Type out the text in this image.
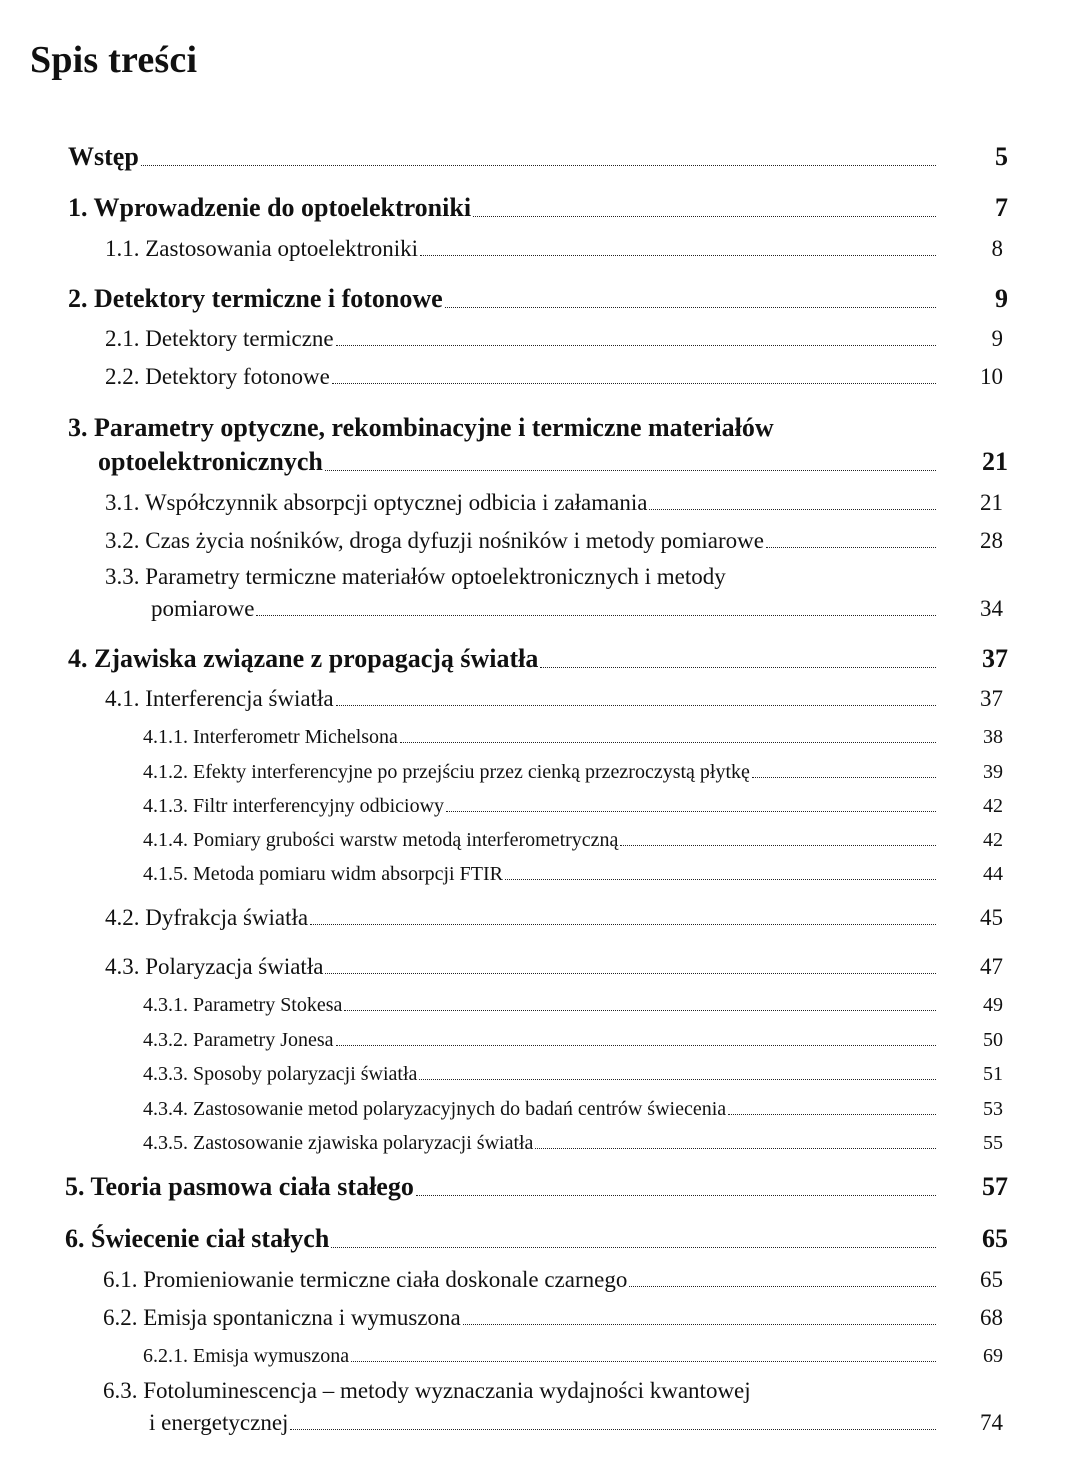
Spis treści
Wstęp	5
1. Wprowadzenie do optoelektroniki	7
1.1. Zastosowania optoelektroniki	8
2. Detektory termiczne i fotonowe	9
2.1. Detektory termiczne	9
2.2. Detektory fotonowe	10
3. Parametry optyczne, rekombinacyjne i termiczne materiałów
optoelektronicznych	21
3.1. Współczynnik absorpcji optycznej odbicia i załamania	21
3.2. Czas życia nośników, droga dyfuzji nośników i metody pomiarowe	28
3.3. Parametry termiczne materiałów optoelektronicznych i metody
pomiarowe	34
4. Zjawiska związane z propagacją światła	37
4.1. Interferencja światła	37
4.1.1. Interferometr Michelsona	38
4.1.2. Efekty interferencyjne po przejściu przez cienką przezroczystą płytkę	39
4.1.3. Filtr interferencyjny odbiciowy	42
4.1.4. Pomiary grubości warstw metodą interferometryczną	42
4.1.5. Metoda pomiaru widm absorpcji FTIR	44
4.2. Dyfrakcja światła	45
4.3. Polaryzacja światła	47
4.3.1. Parametry Stokesa	49
4.3.2. Parametry Jonesa	50
4.3.3. Sposoby polaryzacji światła	51
4.3.4. Zastosowanie metod polaryzacyjnych do badań centrów świecenia	53
4.3.5. Zastosowanie zjawiska polaryzacji światła	55
5. Teoria pasmowa ciała stałego	57
6. Świecenie ciał stałych	65
6.1. Promieniowanie termiczne ciała doskonale czarnego	65
6.2. Emisja spontaniczna i wymuszona	68
6.2.1. Emisja wymuszona	69
6.3. Fotoluminescencja – metody wyznaczania wydajności kwantowej
i energetycznej	74
